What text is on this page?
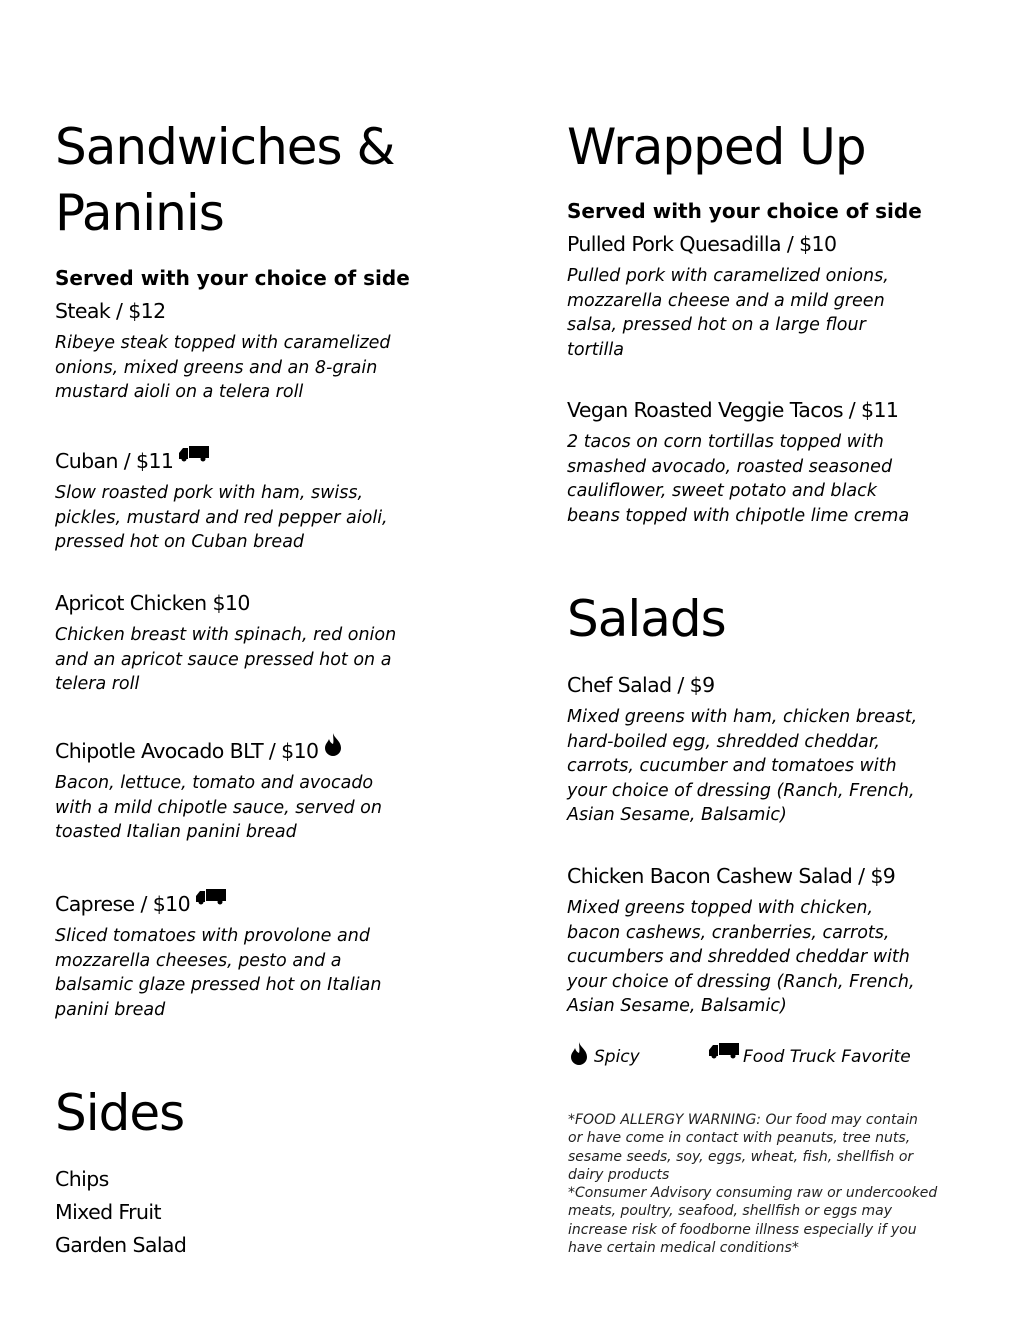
Sandwiches &
Paninis
Served with your choice of side
Steak / $12
Ribeye steak topped with caramelized
onions, mixed greens and an 8-grain
mustard aioli on a telera roll
Cuban / $11
Slow roasted pork with ham, swiss,
pickles, mustard and red pepper aioli,
pressed hot on Cuban bread
Apricot Chicken $10
Chicken breast with spinach, red onion
and an apricot sauce pressed hot on a
telera roll
Chipotle Avocado BLT / $10
Bacon, lettuce, tomato and avocado
with a mild chipotle sauce, served on
toasted Italian panini bread
Caprese / $10
Sliced tomatoes with provolone and
mozzarella cheeses, pesto and a
balsamic glaze pressed hot on Italian
panini bread
Sides
Chips
Mixed Fruit
Garden Salad
Wrapped Up
Served with your choice of side
Pulled Pork Quesadilla / $10
Pulled pork with caramelized onions,
mozzarella cheese and a mild green
salsa, pressed hot on a large flour
tortilla
Vegan Roasted Veggie Tacos / $11
2 tacos on corn tortillas topped with
smashed avocado, roasted seasoned
cauliflower, sweet potato and black
beans topped with chipotle lime crema
Chef Salad / $9
Mixed greens with ham, chicken breast,
hard-boiled egg, shredded cheddar,
carrots, cucumber and tomatoes with
your choice of dressing (Ranch, French,
Asian Sesame, Balsamic)
Chicken Bacon Cashew Salad / $9
Mixed greens topped with chicken,
bacon cashews, cranberries, carrots,
cucumbers and shredded cheddar with
your choice of dressing (Ranch, French,
Asian Sesame, Balsamic)
Salads
Spicy	Food Truck Favorite
*FOOD ALLERGY WARNING: Our food may contain
or have come in contact with peanuts, tree nuts,
sesame seeds, soy, eggs, wheat, fish, shellfish or
dairy products
*Consumer Advisory consuming raw or undercooked
meats, poultry, seafood, shellfish or eggs may
increase risk of foodborne illness especially if you
have certain medical conditions*
